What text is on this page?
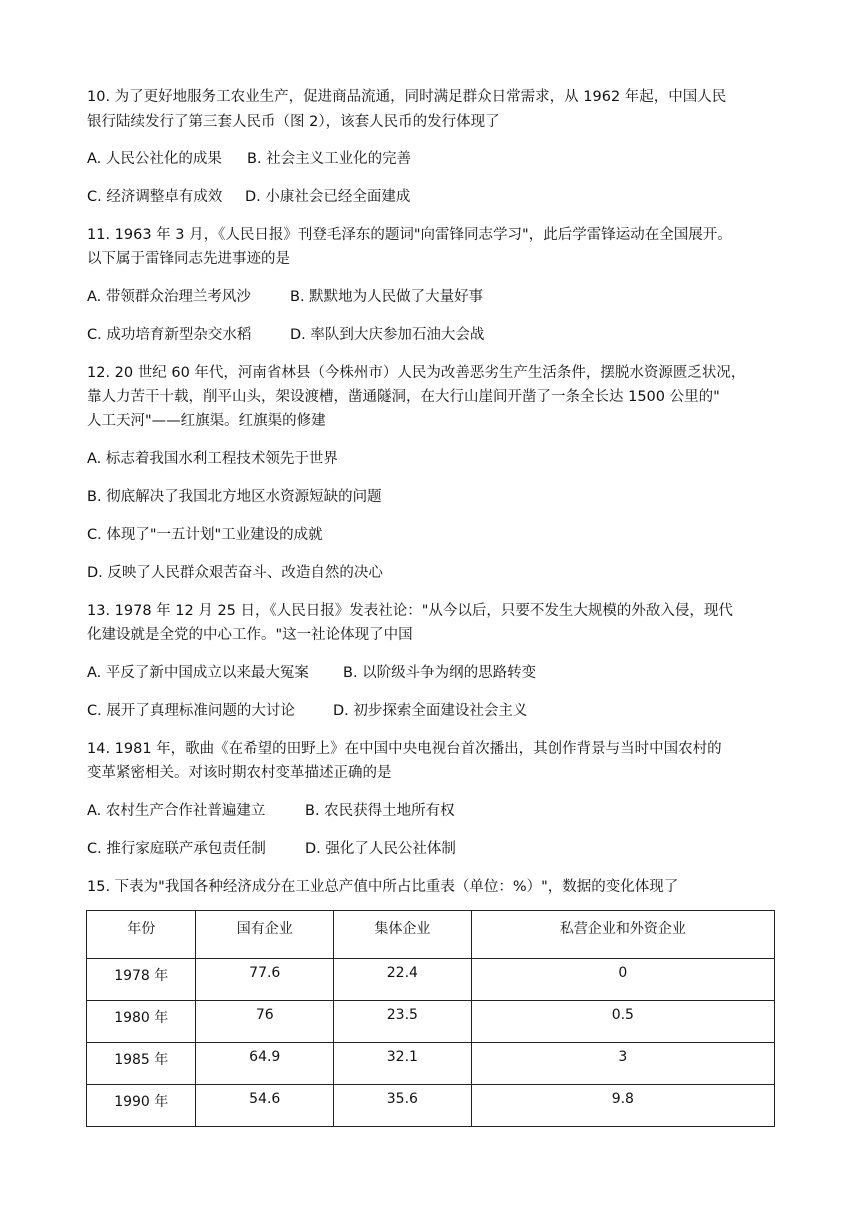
10. 为了更好地服务工农业生产，促进商品流通，同时满足群众日常需求，从 1962 年起，中国人民
银行陆续发行了第三套人民币（图 2），该套人民币的发行体现了
A. 人民公社化的成果 B. 社会主义工业化的完善
C. 经济调整卓有成效 D. 小康社会已经全面建成
11. 1963 年 3 月，《人民日报》刊登毛泽东的题词"向雷锋同志学习"，此后学雷锋运动在全国展开。
以下属于雷锋同志先进事迹的是
A. 带领群众治理兰考风沙	B. 默默地为人民做了大量好事
C. 成功培育新型杂交水稻	D. 率队到大庆参加石油大会战
12. 20 世纪 60 年代，河南省林县（今株州市）人民为改善恶劣生产生活条件，摆脱水资源匮乏状况，
靠人力苦干十载，削平山头，架设渡槽，凿通隧洞，在大行山崖间开凿了一条全长达 1500 公里的"
人工天河"——红旗渠。红旗渠的修建
A. 标志着我国水利工程技术领先于世界
B. 彻底解决了我国北方地区水资源短缺的问题
C. 体现了"一五计划"工业建设的成就
D. 反映了人民群众艰苦奋斗、改造自然的决心
13. 1978 年 12 月 25 日，《人民日报》发表社论："从今以后，只要不发生大规模的外敌入侵，现代
化建设就是全党的中心工作。"这一社论体现了中国
A. 平反了新中国成立以来最大冤案 B. 以阶级斗争为纲的思路转变
C. 展开了真理标准问题的大讨论	D. 初步探索全面建设社会主义
14. 1981 年，歌曲《在希望的田野上》在中国中央电视台首次播出，其创作背景与当时中国农村的
变革紧密相关。对该时期农村变革描述正确的是
A. 农村生产合作社普遍建立	B. 农民获得土地所有权
C. 推行家庭联产承包责任制	D. 强化了人民公社体制
15. 下表为"我国各种经济成分在工业总产值中所占比重表（单位：%）"，数据的变化体现了
年份	国有企业	集体企业	私营企业和外资企业
1978 年	77.6	22.4	0
1980 年	76	23.5	0.5
1985 年	64.9	32.1	3
1990 年	54.6	35.6	9.8
